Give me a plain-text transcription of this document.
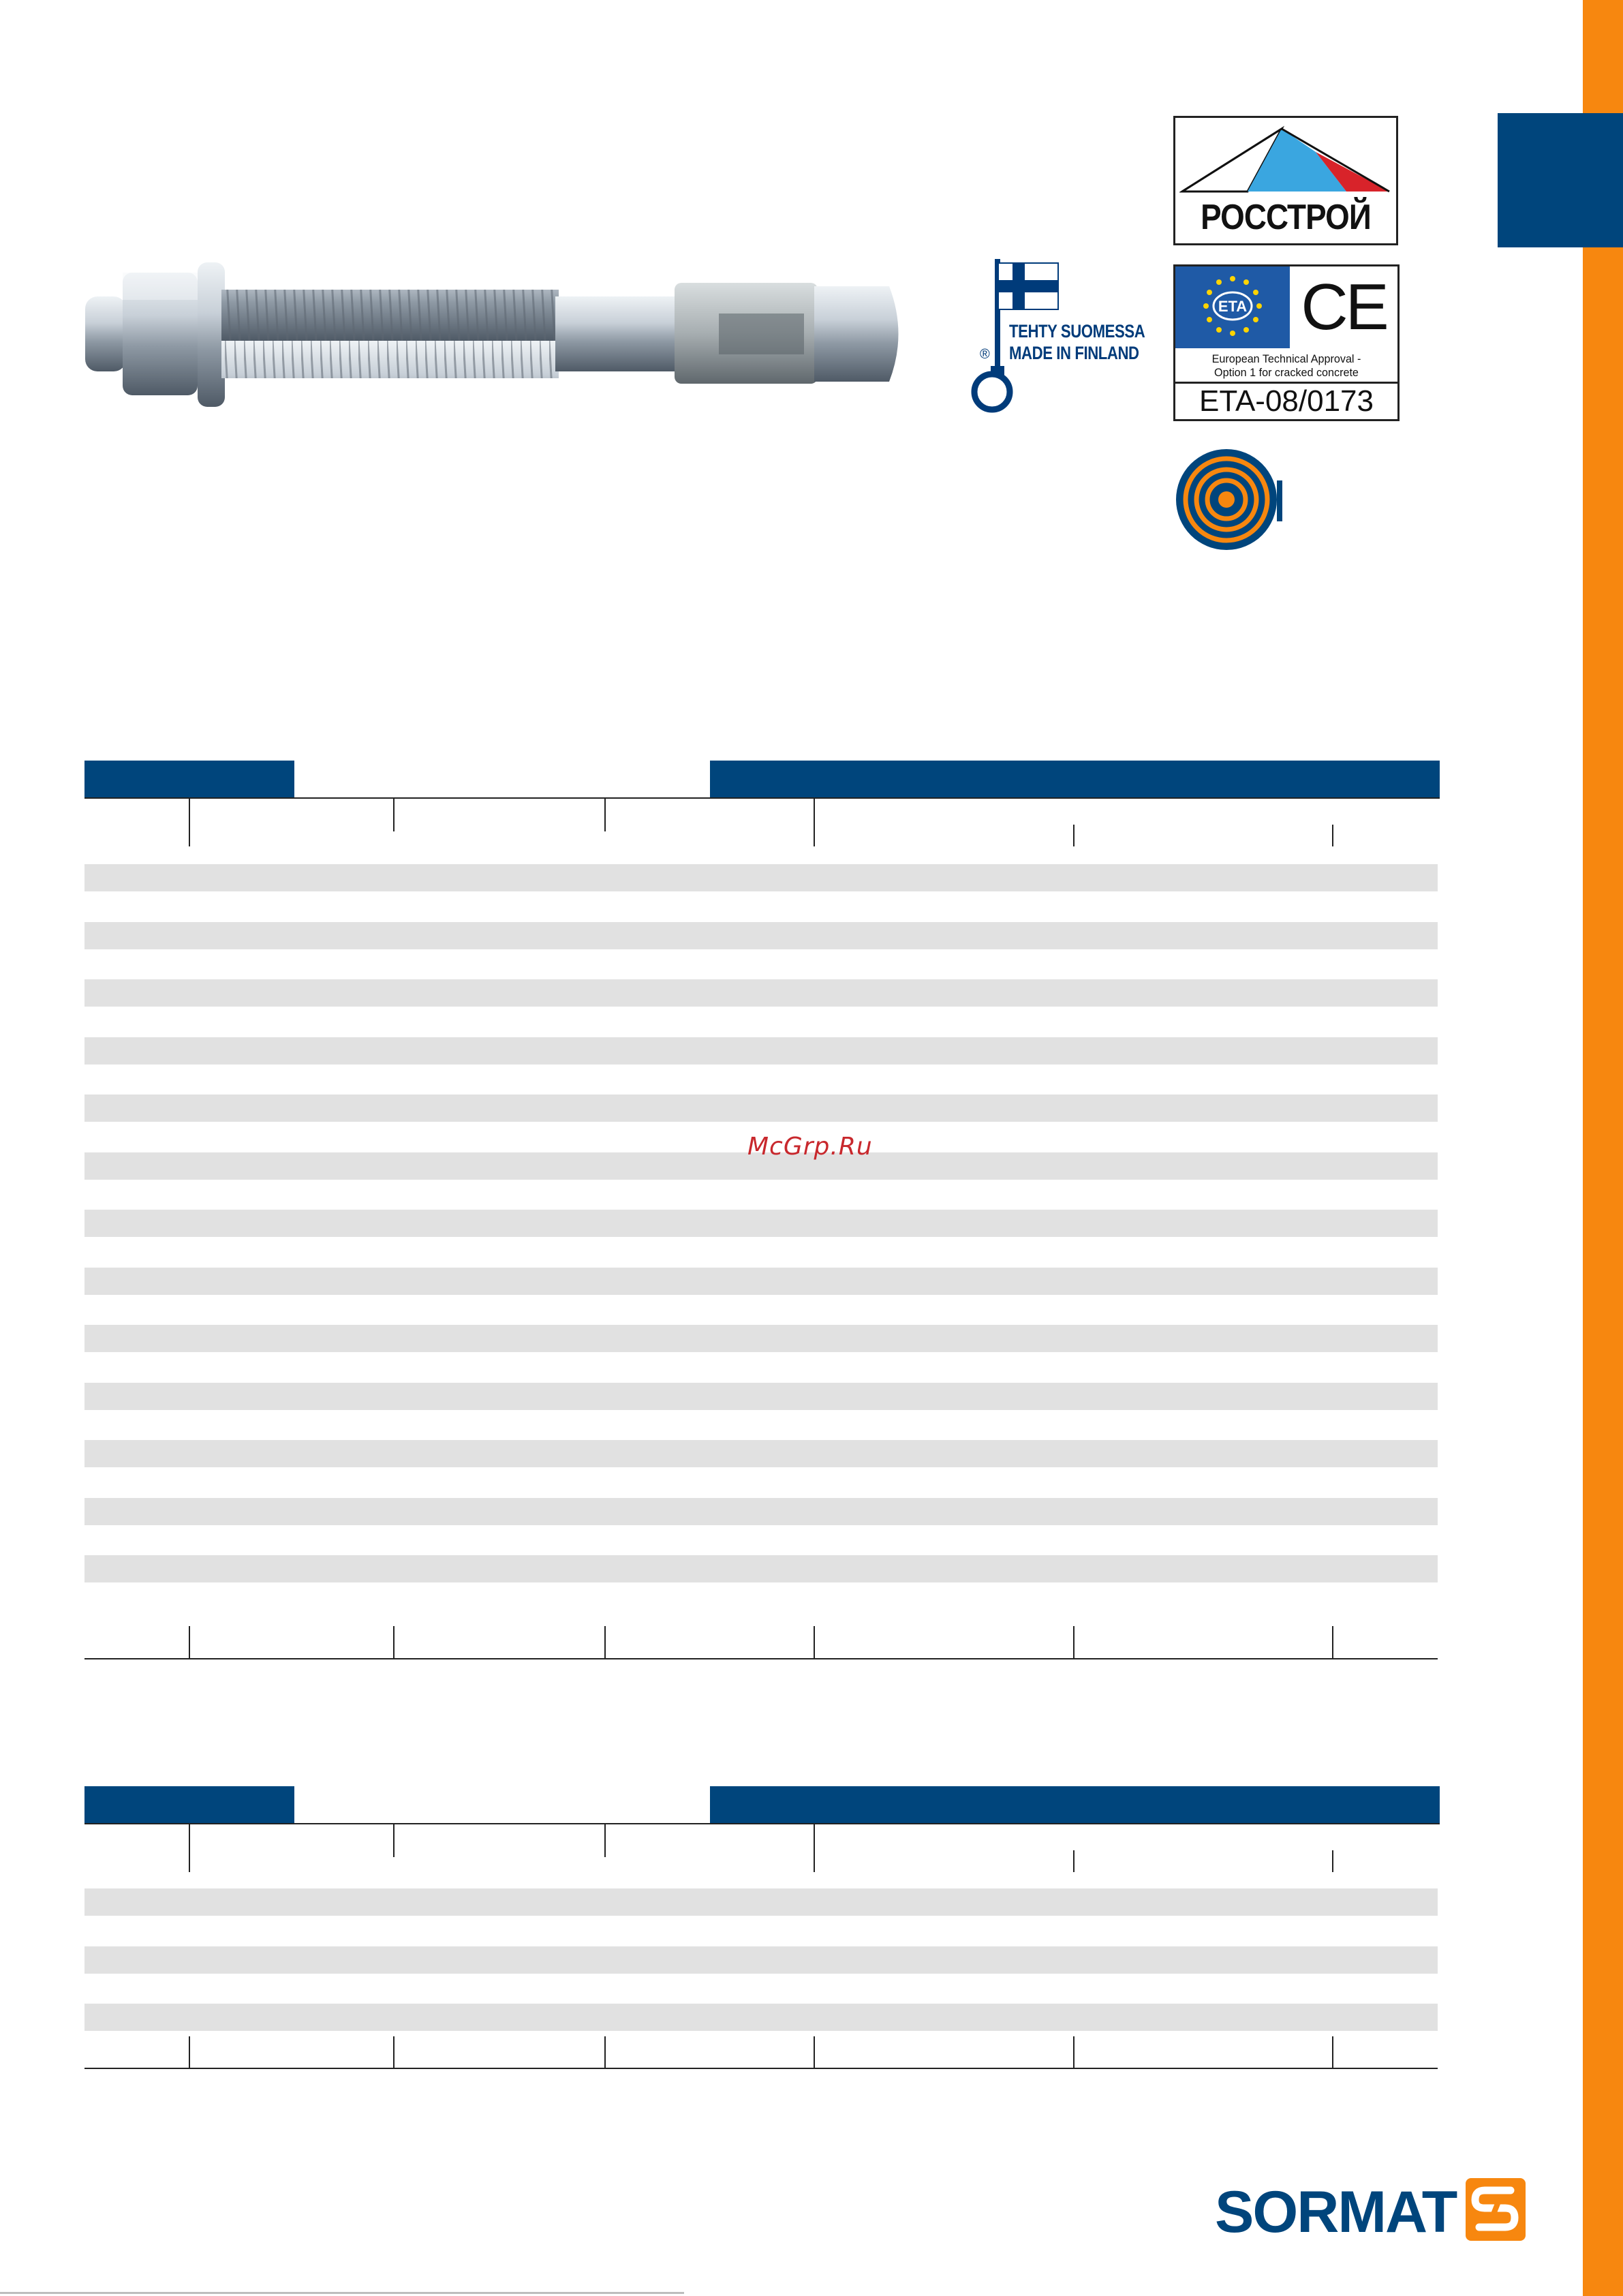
TEHTY SUOMESSA
MADE IN FINLAND
®
РОССТРОЙ
ETA CE
European Technical Approval -
Option 1 for cracked concrete
ETA-08/0173
McGrp.Ru
SORMAT
